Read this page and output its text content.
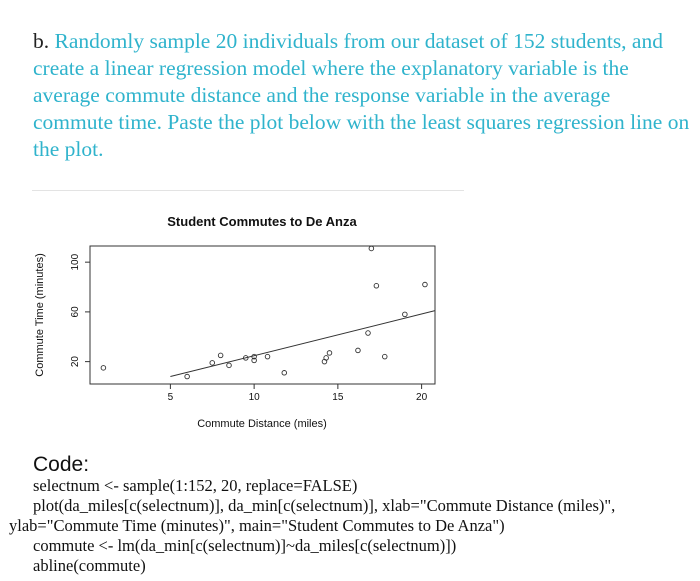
b. Randomly sample 20 individuals from our dataset of 152 students, and create a linear regression model where the explanatory variable is the average commute distance and the response variable in the average commute time. Paste the plot below with the least squares regression line on the plot.

Student Commutes to De Anza
20
60
100
5	10	15	20
Commute Distance (miles)
Commute Time (minutes)

Code:

selectnum <- sample(1:152, 20, replace=FALSE)

plot(da_miles[c(selectnum)], da_min[c(selectnum)], xlab="Commute Distance (miles)",

ylab="Commute Time (minutes)", main="Student Commutes to De Anza")

commute <- lm(da_min[c(selectnum)]~da_miles[c(selectnum)])

abline(commute)
